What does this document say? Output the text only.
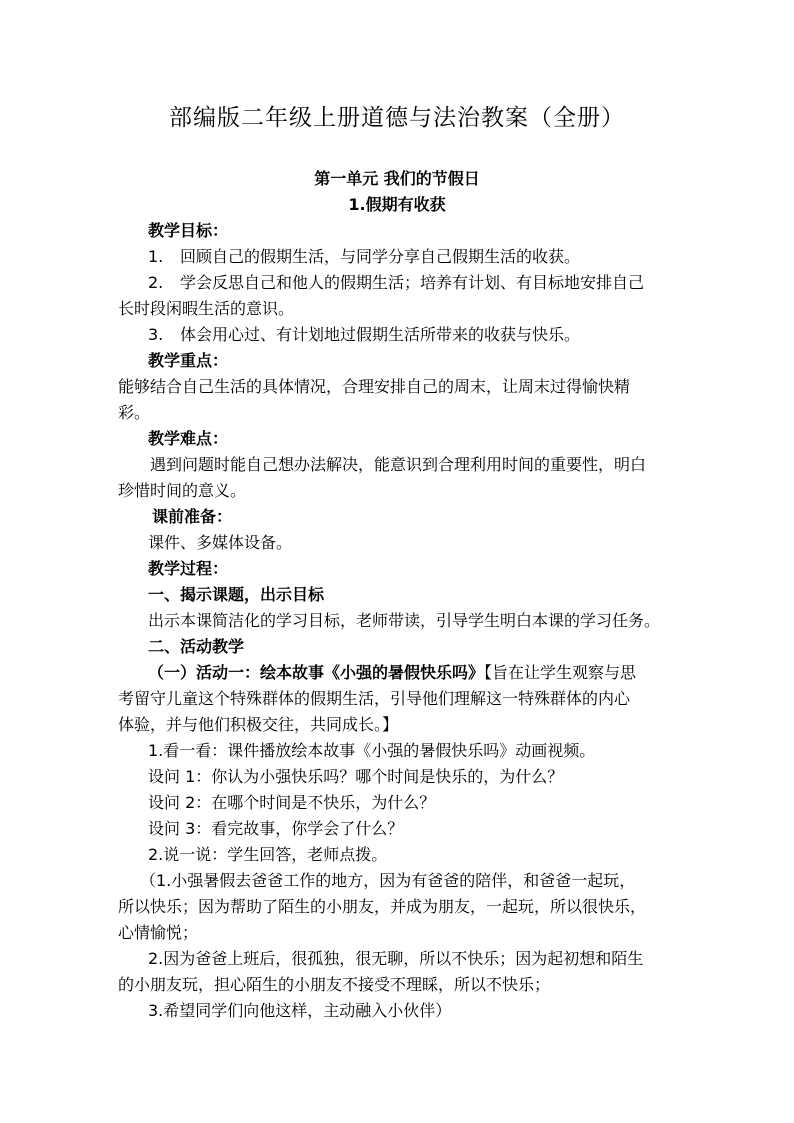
部编版二年级上册道德与法治教案（全册）
第一单元 我们的节假日
1.假期有收获
教学目标：
1. 回顾自己的假期生活，与同学分享自己假期生活的收获。
2. 学会反思自己和他人的假期生活；培养有计划、有目标地安排自己
长时段闲暇生活的意识。
3. 体会用心过、有计划地过假期生活所带来的收获与快乐。
教学重点：
能够结合自己生活的具体情况，合理安排自己的周末，让周末过得愉快精
彩。
教学难点：
遇到问题时能自己想办法解决，能意识到合理利用时间的重要性，明白
珍惜时间的意义。
课前准备：
课件、多媒体设备。
教学过程：
一、揭示课题，出示目标
出示本课简洁化的学习目标，老师带读，引导学生明白本课的学习任务。
二、活动教学
（一）活动一：绘本故事《小强的暑假快乐吗》【旨在让学生观察与思
考留守儿童这个特殊群体的假期生活，引导他们理解这一特殊群体的内心
体验，并与他们积极交往，共同成长。】
1.看一看：课件播放绘本故事《小强的暑假快乐吗》动画视频。
设问 1：你认为小强快乐吗？哪个时间是快乐的，为什么？
设问 2：在哪个时间是不快乐，为什么？
设问 3：看完故事，你学会了什么？
2.说一说：学生回答，老师点拨。
（1.小强暑假去爸爸工作的地方，因为有爸爸的陪伴，和爸爸一起玩，
所以快乐；因为帮助了陌生的小朋友，并成为朋友，一起玩，所以很快乐，
心情愉悦；
2.因为爸爸上班后，很孤独，很无聊，所以不快乐；因为起初想和陌生
的小朋友玩，担心陌生的小朋友不接受不理睬，所以不快乐；
3.希望同学们向他这样，主动融入小伙伴）
